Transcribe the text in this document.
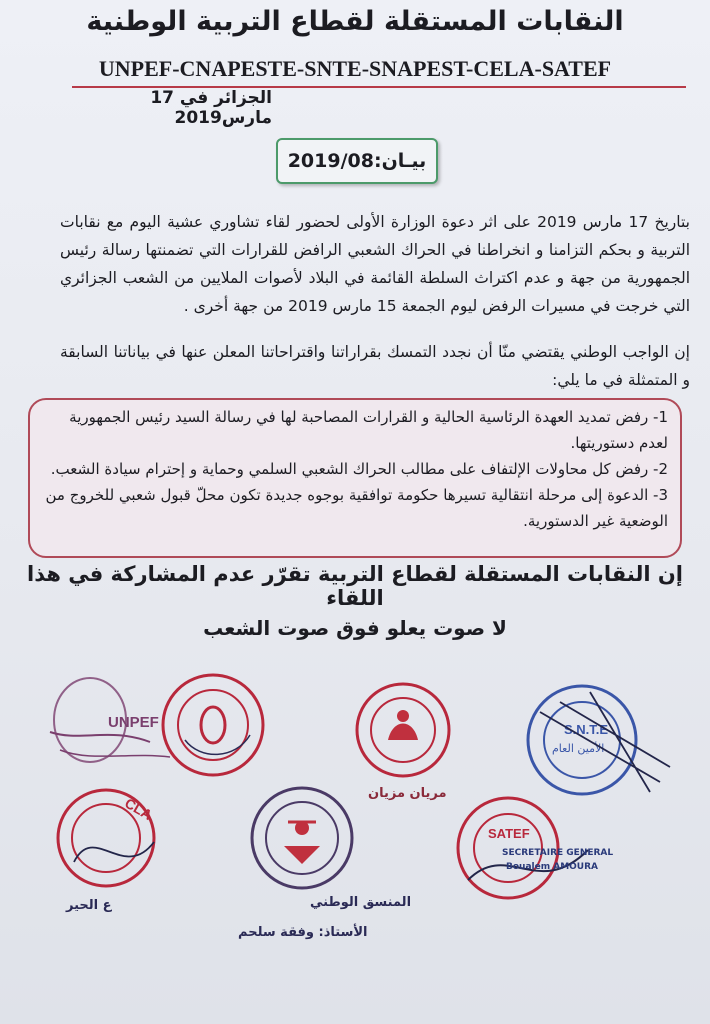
النقابات المستقلة لقطاع التربية الوطنية
UNPEF-CNAPESTE-SNTE-SNAPEST-CELA-SATEF
الجزائر في 17 مارس2019
بيـان:2019/08
بتاريخ 17 مارس 2019 على اثر دعوة الوزارة الأولى لحضور لقاء تشاوري عشية اليوم مع نقابات التربية و بحكم التزامنا و انخراطنا في الحراك الشعبي الرافض للقرارات التي تضمنتها رسالة رئيس الجمهورية من جهة و عدم اكتراث السلطة القائمة في البلاد لأصوات الملايين من الشعب الجزائري التي خرجت في مسيرات الرفض ليوم الجمعة 15 مارس 2019 من جهة أخرى .
إن الواجب الوطني يقتضي منّا أن نجدد التمسك بقراراتنا واقتراحاتنا المعلن عنها في بياناتنا السابقة و المتمثلة في ما يلي:
1- رفض تمديد العهدة الرئاسية الحالية و القرارات المصاحبة لها في رسالة السيد رئيس الجمهورية لعدم دستوريتها.
2- رفض كل محاولات الإلتفاف على مطالب الحراك الشعبي السلمي وحماية و إحترام سيادة الشعب.
3- الدعوة إلى مرحلة انتقالية تسيرها حكومة توافقية بوجوه جديدة تكون محلّ قبول شعبي للخروج من الوضعية غير الدستورية.
إن النقابات المستقلة لقطاع التربية تقرّر عدم المشاركة في هذا اللقاء
لا صوت يعلو فوق صوت الشعب
UNPEF
مريان مزيان
S.N.T.E
الأمين العام
CLA
ع الحير	المنسق الوطني
الأستاذ: وفقة سلحم
SATEF
SECRETAIRE GENERAL
Boualem AMOURA
